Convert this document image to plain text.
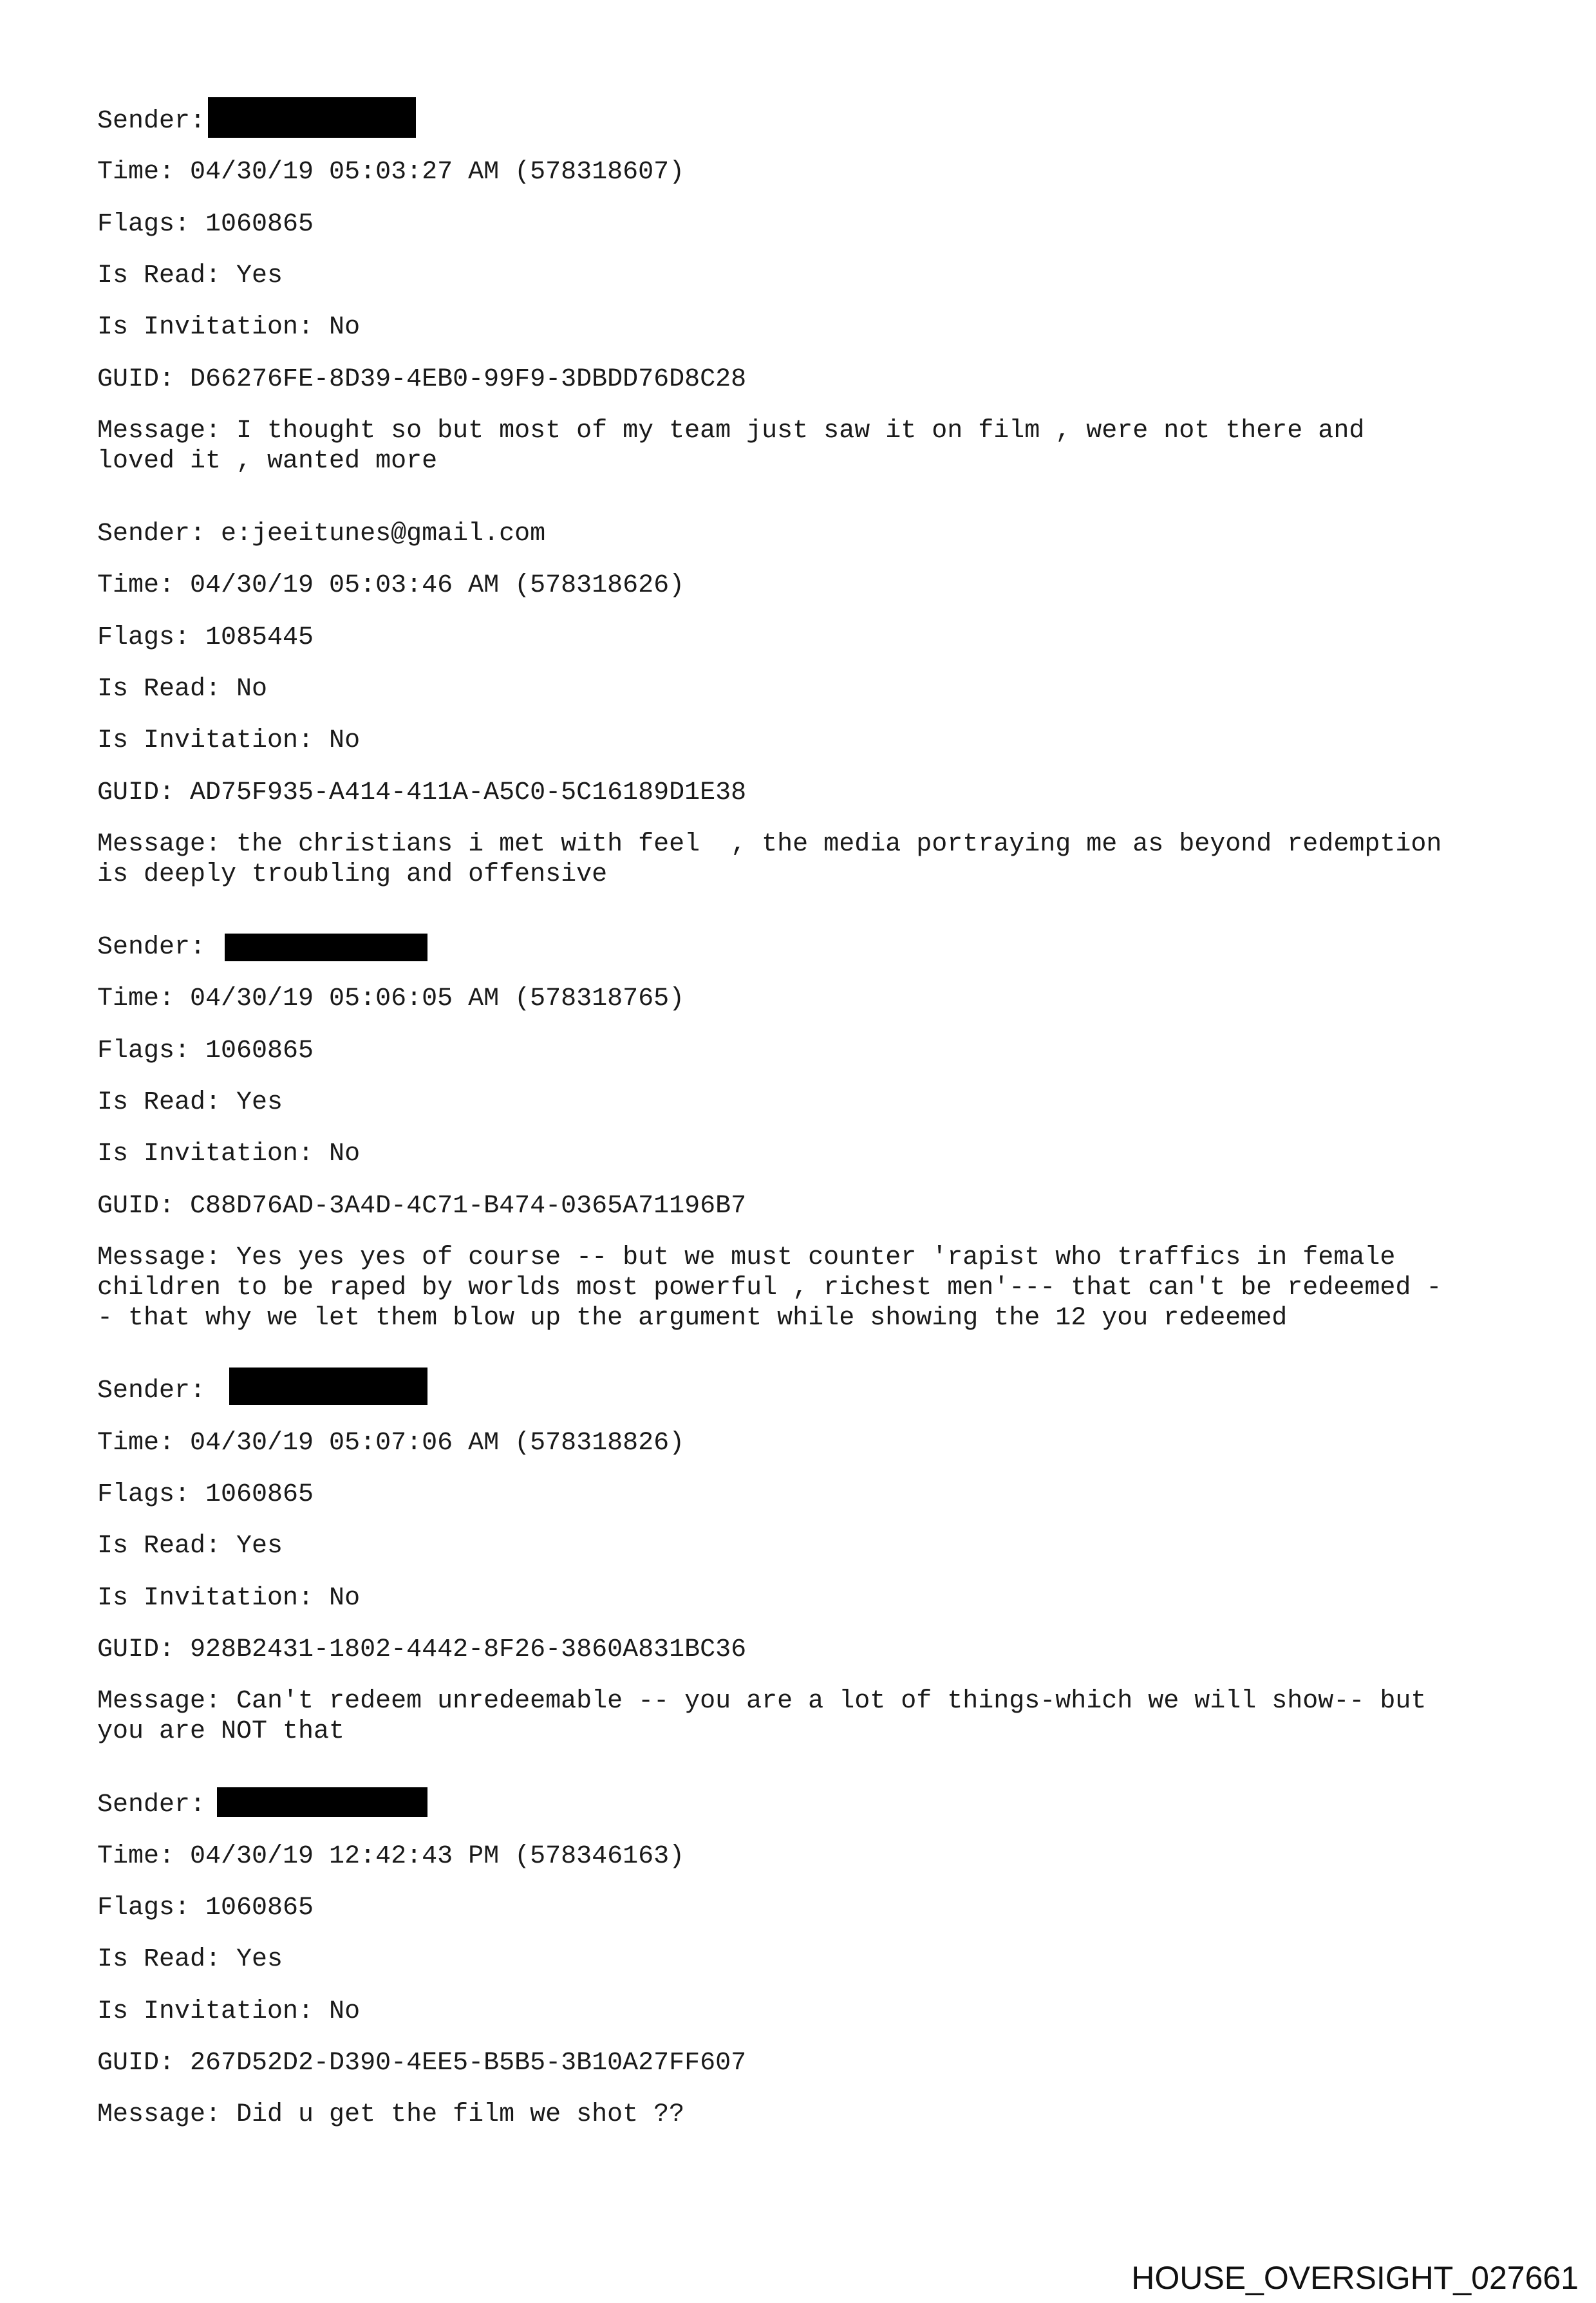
Sender:
Time: 04/30/19 05:03:27 AM (578318607)
Flags: 1060865
Is Read: Yes
Is Invitation: No
GUID: D66276FE-8D39-4EB0-99F9-3DBDD76D8C28
Message: I thought so but most of my team just saw it on film , were not there and
loved it , wanted more
Sender: e:jeeitunes@gmail.com
Time: 04/30/19 05:03:46 AM (578318626)
Flags: 1085445
Is Read: No
Is Invitation: No
GUID: AD75F935-A414-411A-A5C0-5C16189D1E38
Message: the christians i met with feel  , the media portraying me as beyond redemption
is deeply troubling and offensive
Sender:
Time: 04/30/19 05:06:05 AM (578318765)
Flags: 1060865
Is Read: Yes
Is Invitation: No
GUID: C88D76AD-3A4D-4C71-B474-0365A71196B7
Message: Yes yes yes of course -- but we must counter 'rapist who traffics in female
children to be raped by worlds most powerful , richest men'--- that can't be redeemed -
- that why we let them blow up the argument while showing the 12 you redeemed
Sender:
Time: 04/30/19 05:07:06 AM (578318826)
Flags: 1060865
Is Read: Yes
Is Invitation: No
GUID: 928B2431-1802-4442-8F26-3860A831BC36
Message: Can't redeem unredeemable -- you are a lot of things-which we will show-- but
you are NOT that
Sender:
Time: 04/30/19 12:42:43 PM (578346163)
Flags: 1060865
Is Read: Yes
Is Invitation: No
GUID: 267D52D2-D390-4EE5-B5B5-3B10A27FF607
Message: Did u get the film we shot ??
HOUSE_OVERSIGHT_027661
